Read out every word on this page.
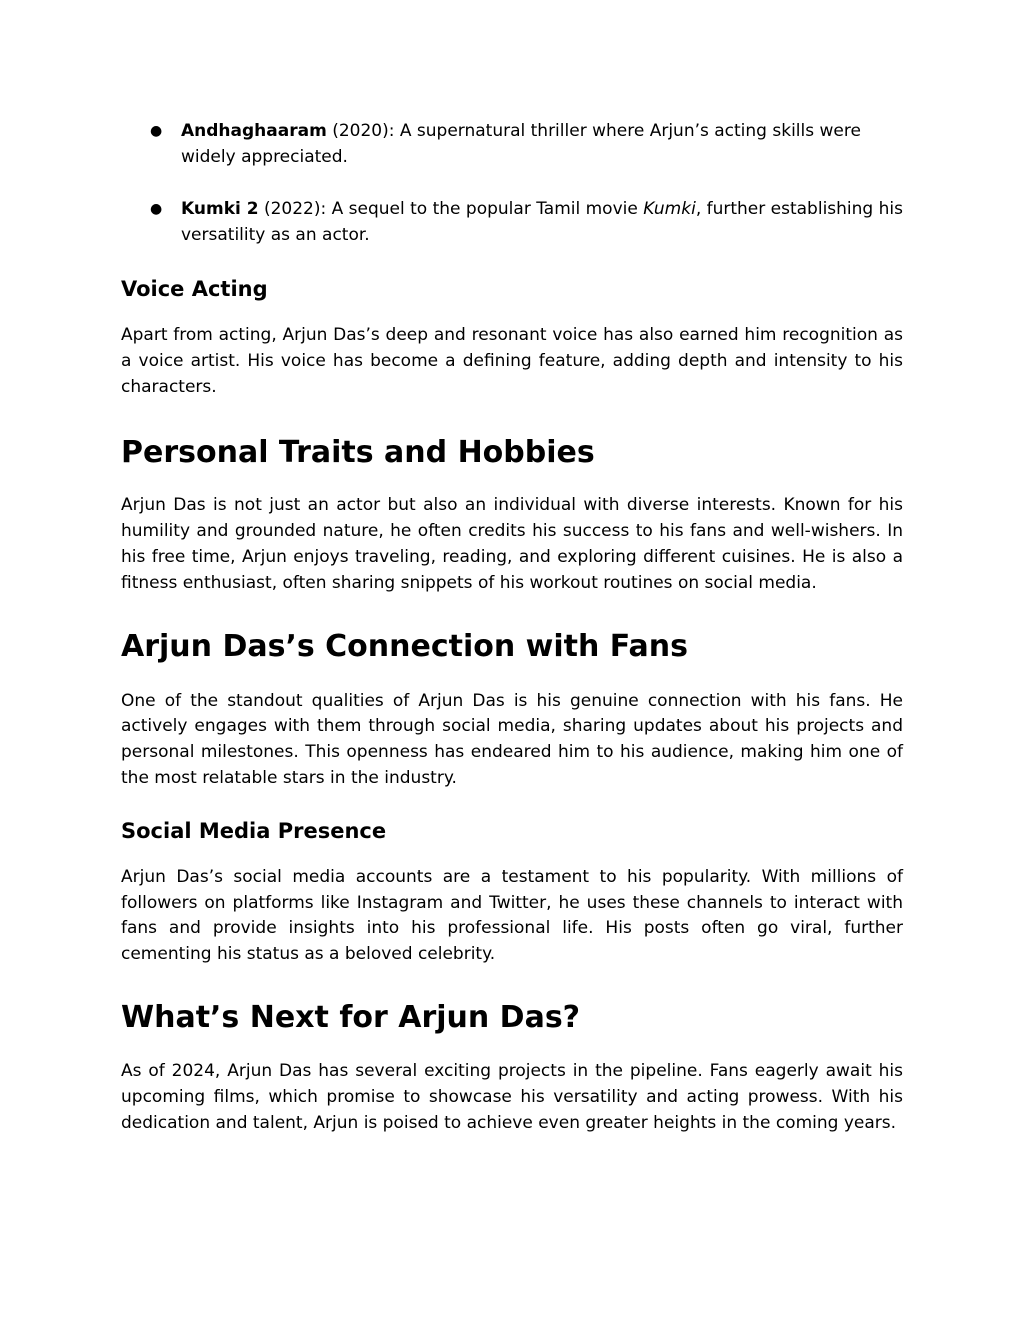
● Andhaghaaram (2020): A supernatural thriller where Arjun’s acting skills were widely appreciated.
● Kumki 2 (2022): A sequel to the popular Tamil movie Kumki, further establishing his versatility as an actor.
Voice Acting

Apart from acting, Arjun Das’s deep and resonant voice has also earned him recognition as a voice artist. His voice has become a defining feature, adding depth and intensity to his characters.

Personal Traits and Hobbies

Arjun Das is not just an actor but also an individual with diverse interests. Known for his humility and grounded nature, he often credits his success to his fans and well-wishers. In his free time, Arjun enjoys traveling, reading, and exploring different cuisines. He is also a fitness enthusiast, often sharing snippets of his workout routines on social media.

Arjun Das’s Connection with Fans

One of the standout qualities of Arjun Das is his genuine connection with his fans. He actively engages with them through social media, sharing updates about his projects and personal milestones. This openness has endeared him to his audience, making him one of the most relatable stars in the industry.

Social Media Presence

Arjun Das’s social media accounts are a testament to his popularity. With millions of followers on platforms like Instagram and Twitter, he uses these channels to interact with fans and provide insights into his professional life. His posts often go viral, further cementing his status as a beloved celebrity.

What’s Next for Arjun Das?

As of 2024, Arjun Das has several exciting projects in the pipeline. Fans eagerly await his upcoming films, which promise to showcase his versatility and acting prowess. With his dedication and talent, Arjun is poised to achieve even greater heights in the coming years.
